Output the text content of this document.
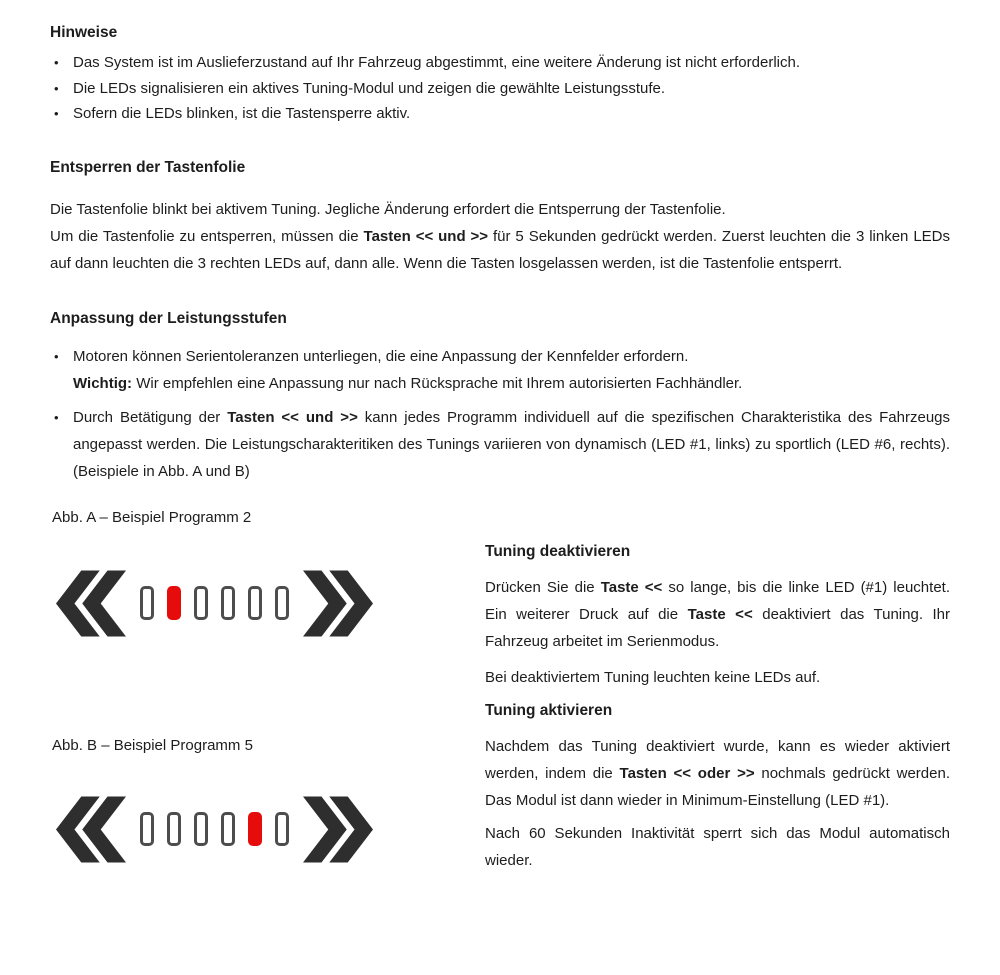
Hinweise
• Das System ist im Auslieferzustand auf Ihr Fahrzeug abgestimmt, eine weitere Änderung ist nicht erforderlich.
• Die LEDs signalisieren ein aktives Tuning-Modul und zeigen die gewählte Leistungsstufe.
• Sofern die LEDs blinken, ist die Tastensperre aktiv.
Entsperren der Tastenfolie
Die Tastenfolie blinkt bei aktivem Tuning. Jegliche Änderung erfordert die Entsperrung der Tastenfolie.

Um die Tastenfolie zu entsperren, müssen die Tasten << und >> für 5 Sekunden gedrückt werden. Zuerst leuchten die 3 linken LEDs auf dann leuchten die 3 rechten LEDs auf, dann alle. Wenn die Tasten losgelassen werden, ist die Tastenfolie entsperrt.

Anpassung der Leistungsstufen
• Motoren können Serientoleranzen unterliegen, die eine Anpassung der Kennfelder erfordern.
Wichtig: Wir empfehlen eine Anpassung nur nach Rücksprache mit Ihrem autorisierten Fachhändler.
• Durch Betätigung der Tasten << und >> kann jedes Programm individuell auf die spezifischen Charakteristika des Fahrzeugs angepasst werden. Die Leistungscharakteritiken des Tunings variieren von dynamisch (LED #1, links) zu sportlich (LED #6, rechts).(Beispiele in Abb. A und B)
Abb. A – Beispiel Programm 2
Abb. B – Beispiel Programm 5
Tuning deaktivieren

Drücken Sie die Taste << so lange, bis die linke LED (#1) leuchtet. Ein weiterer Druck auf die Taste << deaktiviert das Tuning. Ihr Fahrzeug arbeitet im Serienmodus.

Bei deaktiviertem Tuning leuchten keine LEDs auf.

Tuning aktivieren

Nachdem das Tuning deaktiviert wurde, kann es wieder aktiviert werden, indem die Tasten << oder >> nochmals gedrückt werden. Das Modul ist dann wieder in Minimum-Einstellung (LED #1).

Nach 60 Sekunden Inaktivität sperrt sich das Modul automatisch wieder.
